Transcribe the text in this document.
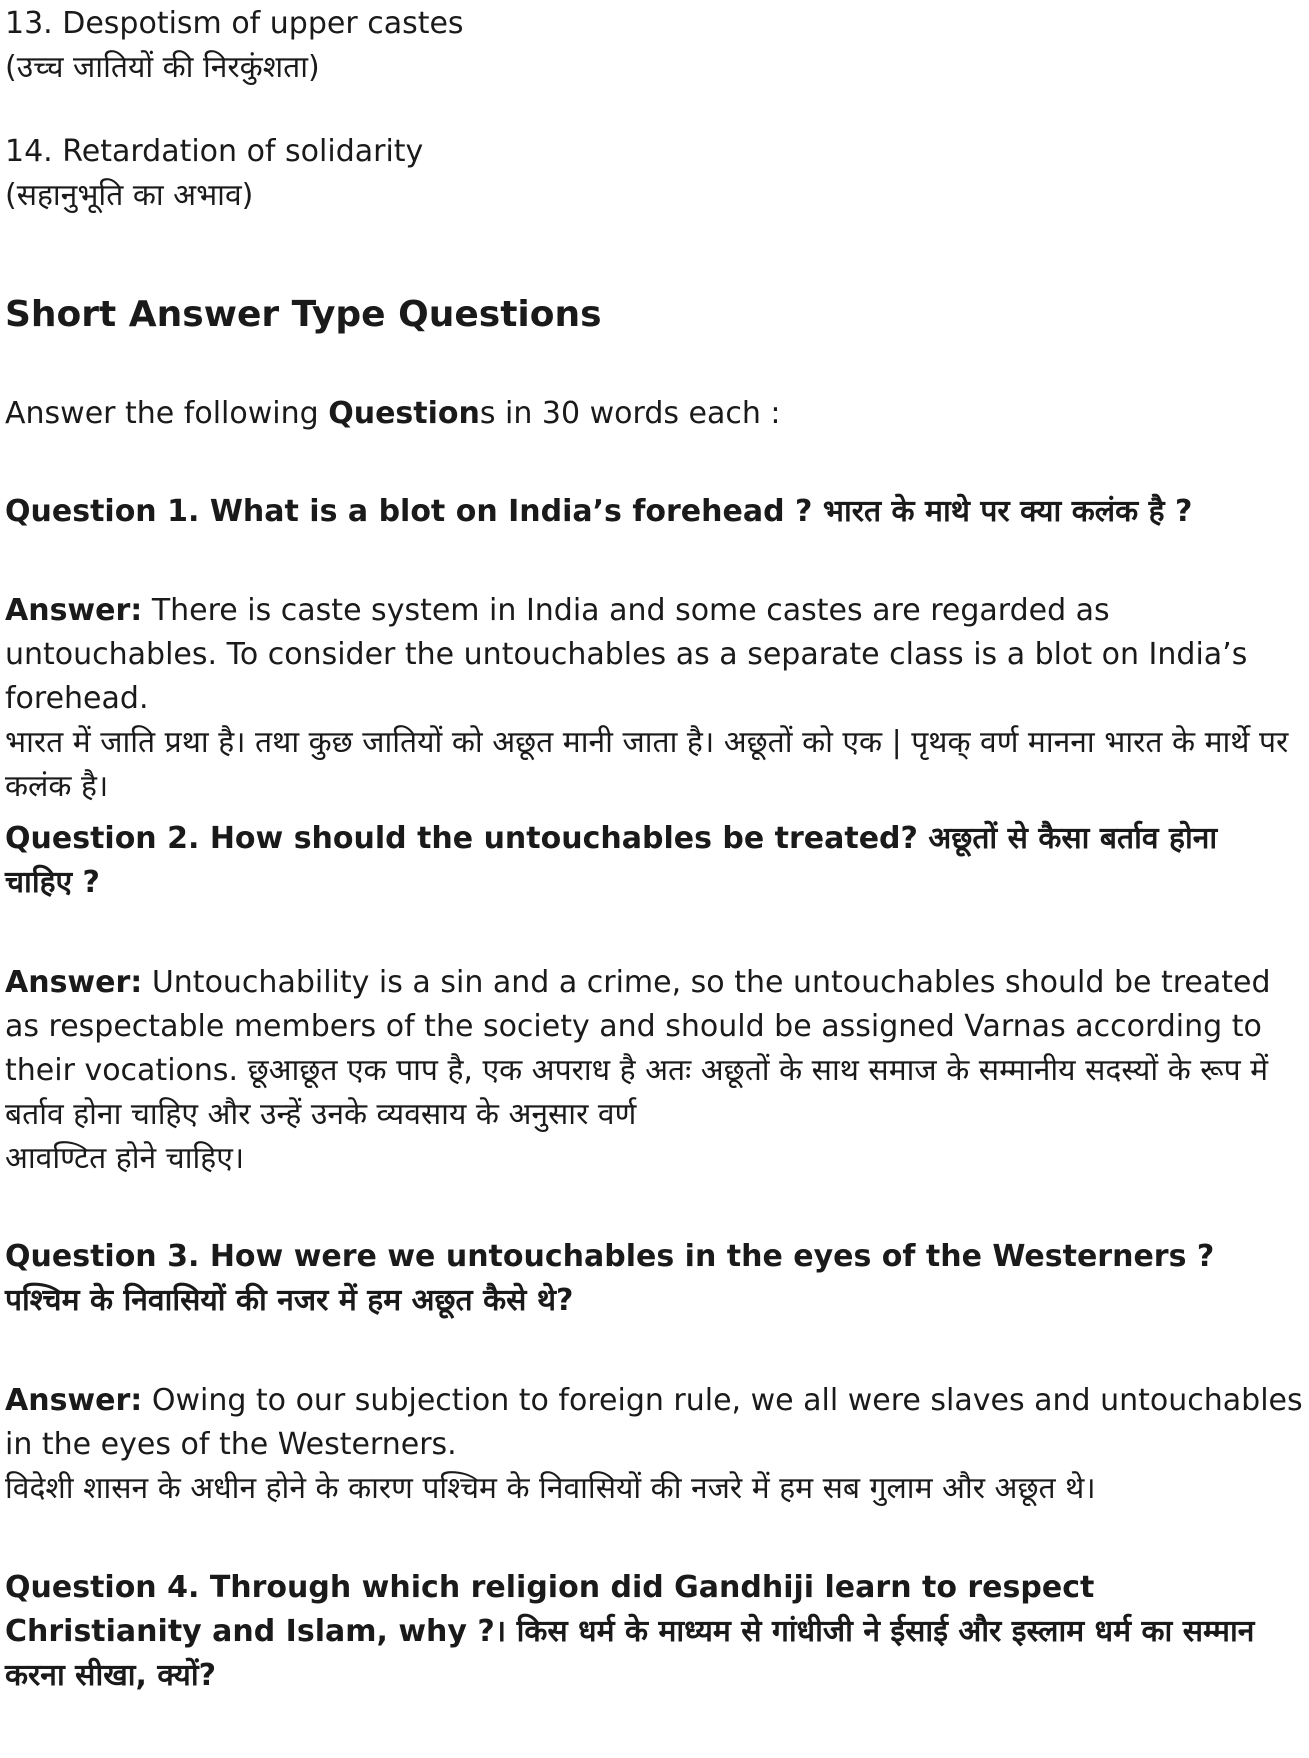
13. Despotism of upper castes

(उच्च जातियों की निरकुंशता)

14. Retardation of solidarity

(सहानुभूति का अभाव)

Short Answer Type Questions

Answer the following Questions in 30 words each :

Question 1. What is a blot on India’s forehead ? भारत के माथे पर क्या कलंक है ?

Answer: There is caste system in India and some castes are regarded as untouchables. To consider the untouchables as a separate class is a blot on India’s forehead.

भारत में जाति प्रथा है। तथा कुछ जातियों को अछूत मानी जाता है। अछूतों को एक | पृथक् वर्ण मानना भारत के मार्थे पर कलंक है।

Question 2. How should the untouchables be treated? अछूतों से कैसा बर्ताव होना चाहिए ?

Answer: Untouchability is a sin and a crime, so the untouchables should be treated as respectable members of the society and should be assigned Varnas according to their vocations. छूआछूत एक पाप है, एक अपराध है अतः अछूतों के साथ समाज के सम्मानीय सदस्यों के रूप में बर्ताव होना चाहिए और उन्हें उनके व्यवसाय के अनुसार वर्ण

आवण्टित होने चाहिए।

Question 3. How were we untouchables in the eyes of the Westerners ? पश्चिम के निवासियों की नजर में हम अछूत कैसे थे?

Answer: Owing to our subjection to foreign rule, we all were slaves and untouchables in the eyes of the Westerners.

विदेशी शासन के अधीन होने के कारण पश्चिम के निवासियों की नजरे में हम सब गुलाम और अछूत थे।

Question 4. Through which religion did Gandhiji learn to respect Christianity and Islam, why ?। किस धर्म के माध्यम से गांधीजी ने ईसाई और इस्लाम धर्म का सम्मान करना सीखा, क्यों?
